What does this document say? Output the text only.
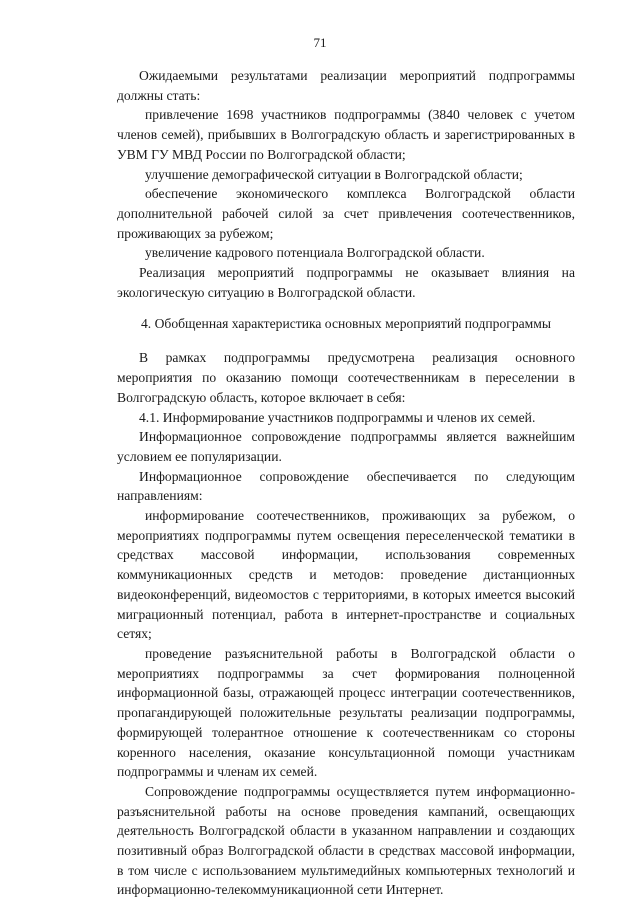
71

Ожидаемыми результатами реализации мероприятий подпрограммы должны стать:

привлечение 1698 участников подпрограммы (3840 человек с учетом членов семей), прибывших в Волгоградскую область и зарегистрированных в УВМ ГУ МВД России по Волгоградской области;

улучшение демографической ситуации в Волгоградской области;

обеспечение экономического комплекса Волгоградской области дополнительной рабочей силой за счет привлечения соотечественников, проживающих за рубежом;

увеличение кадрового потенциала Волгоградской области.

Реализация мероприятий подпрограммы не оказывает влияния на экологическую ситуацию в Волгоградской области.

4. Обобщенная характеристика основных мероприятий подпрограммы

В рамках подпрограммы предусмотрена реализация основного мероприятия по оказанию помощи соотечественникам в переселении в Волгоградскую область, которое включает в себя:

4.1. Информирование участников подпрограммы и членов их семей.

Информационное сопровождение подпрограммы является важнейшим условием ее популяризации.

Информационное сопровождение обеспечивается по следующим направлениям:

информирование соотечественников, проживающих за рубежом, о мероприятиях подпрограммы путем освещения переселенческой тематики в средствах массовой информации, использования современных коммуникационных средств и методов: проведение дистанционных видеоконференций, видеомостов с территориями, в которых имеется высокий миграционный потенциал, работа в интернет-пространстве и социальных сетях;

проведение разъяснительной работы в Волгоградской области о мероприятиях подпрограммы за счет формирования полноценной информационной базы, отражающей процесс интеграции соотечественников, пропагандирующей положительные результаты реализации подпрограммы, формирующей толерантное отношение к соотечественникам со стороны коренного населения, оказание консультационной помощи участникам подпрограммы и членам их семей.

Сопровождение подпрограммы осуществляется путем информационно-разъяснительной работы на основе проведения кампаний, освещающих деятельность Волгоградской области в указанном направлении и создающих позитивный образ Волгоградской области в средствах массовой информации, в том числе с использованием мультимедийных компьютерных технологий и информационно-телекоммуникационной сети Интернет.
